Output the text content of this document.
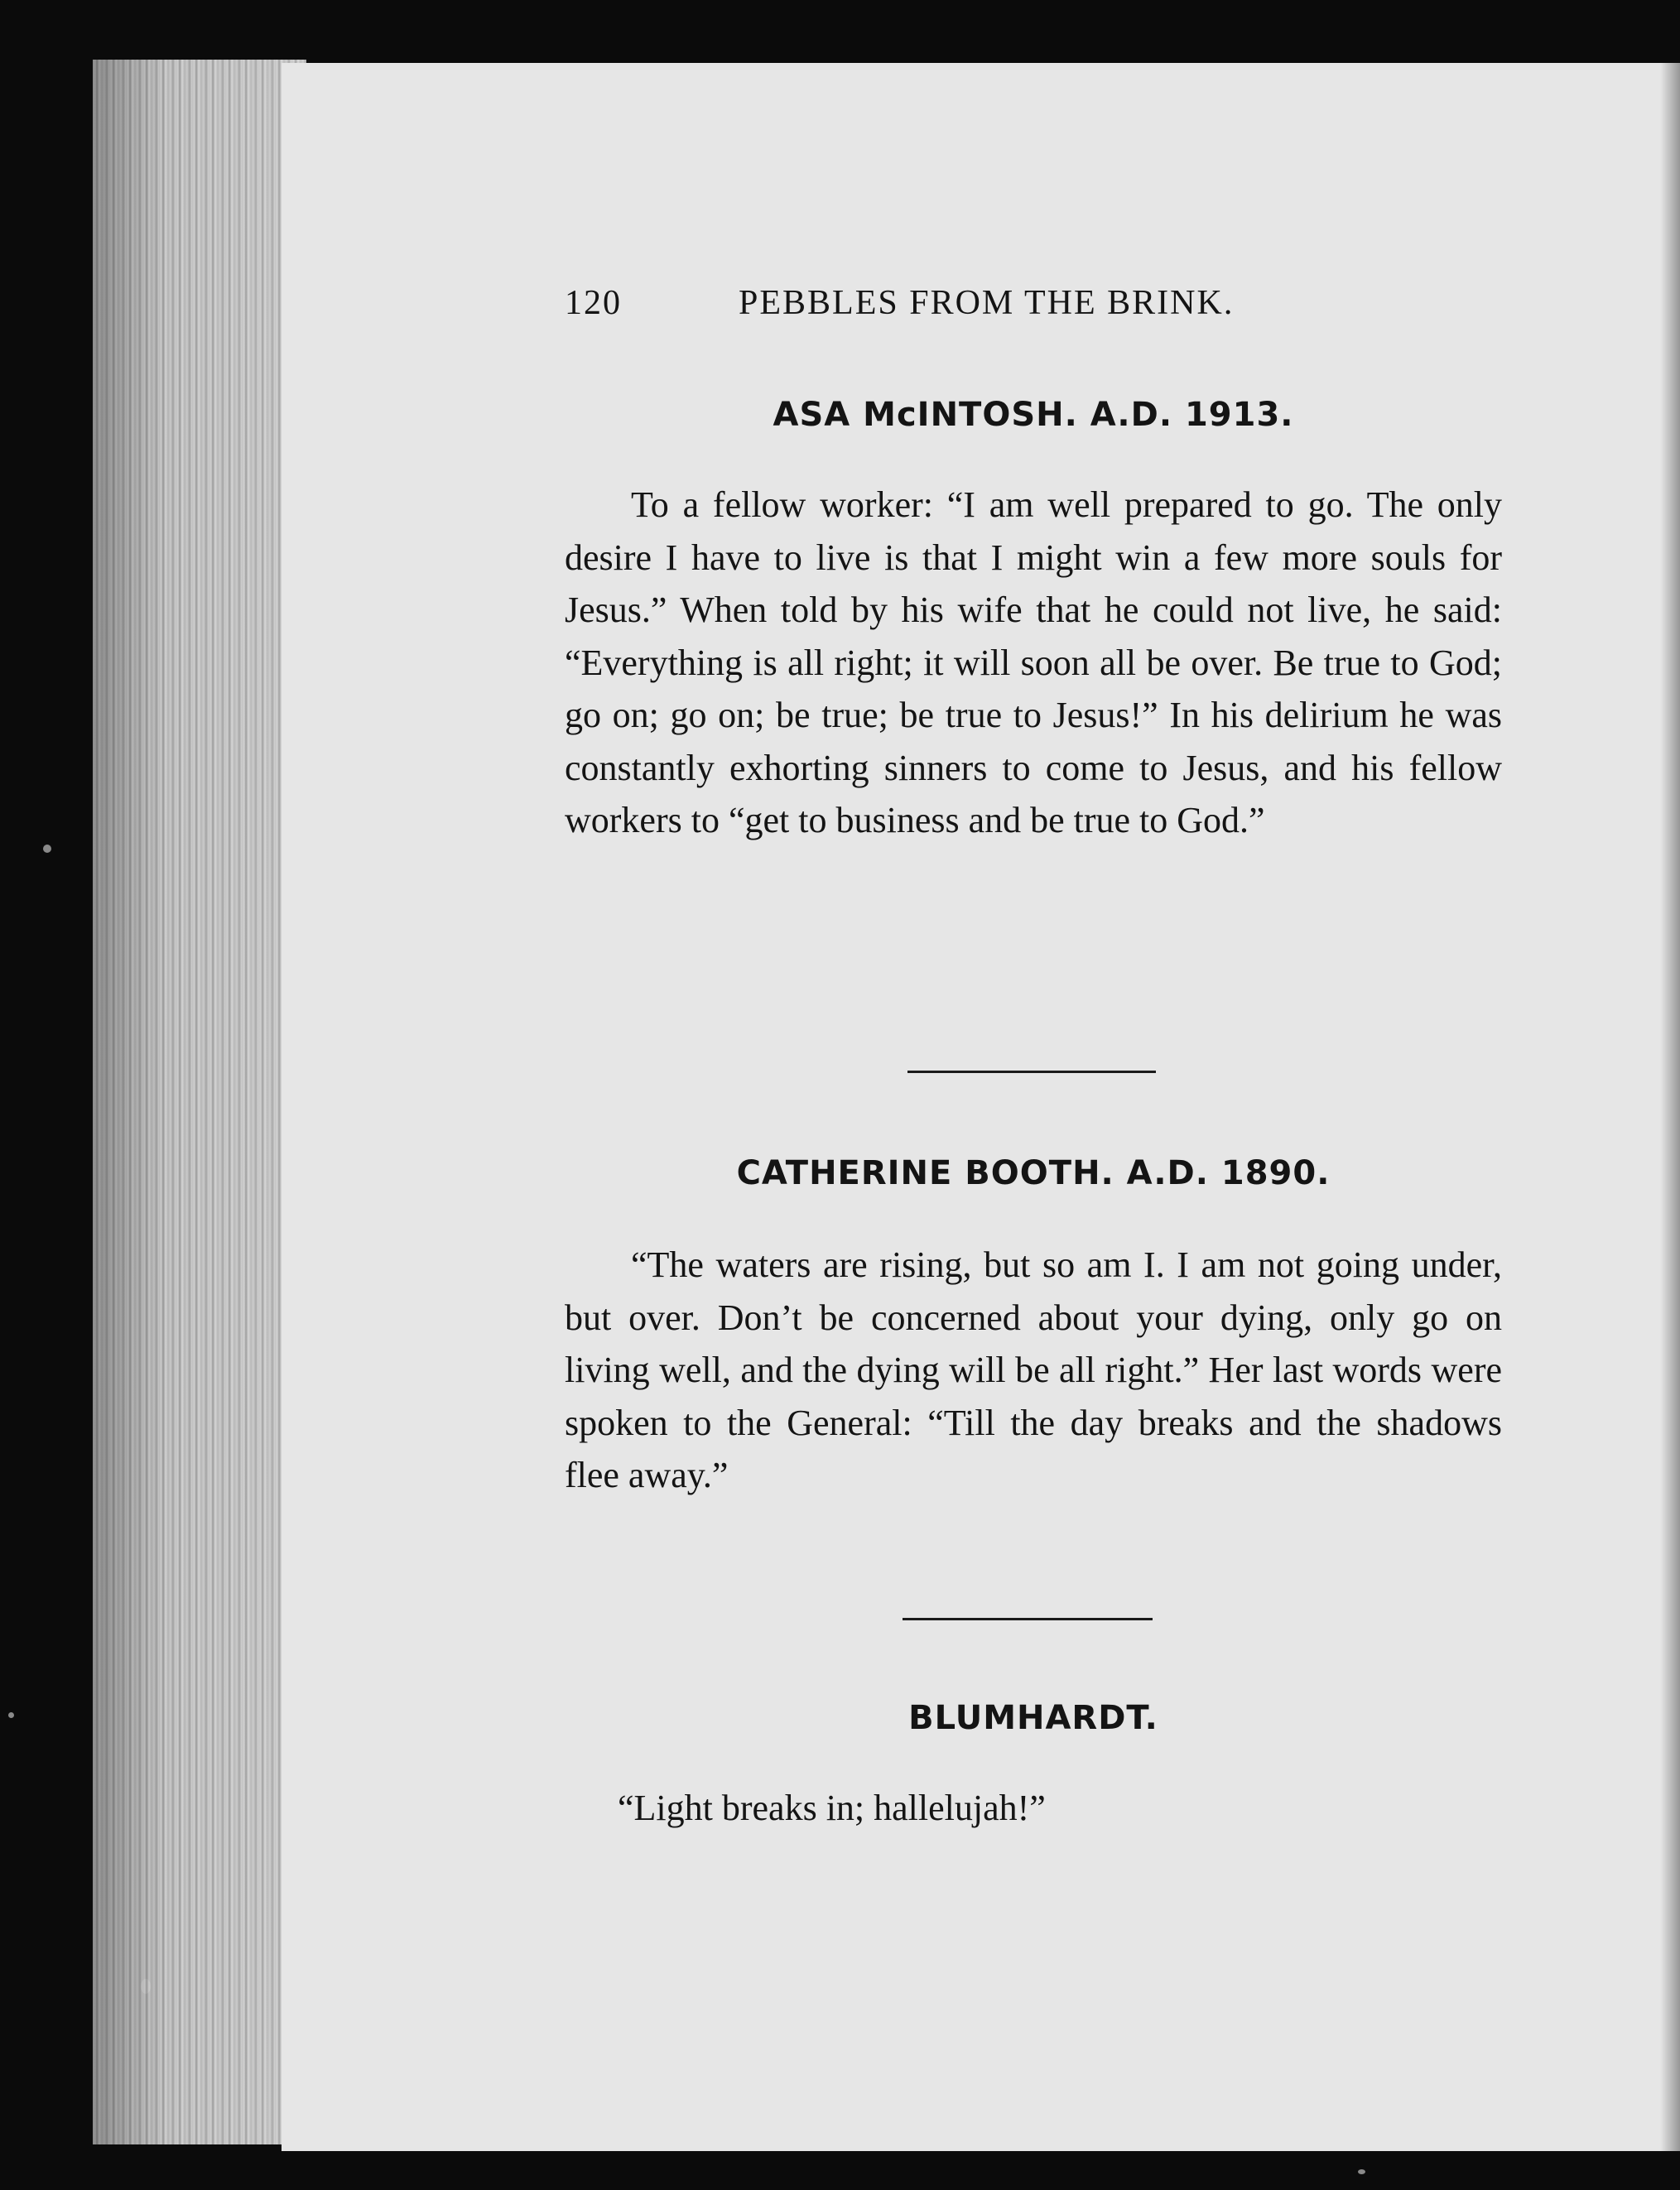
120	PEBBLES FROM THE BRINK.
ASA McINTOSH. A.D. 1913.
To a fellow worker: “I am well prepared to go. The only desire I have to live is that I might win a few more souls for Jesus.” When told by his wife that he could not live, he said: “Everything is all right; it will soon all be over. Be true to God; go on; go on; be true; be true to Jesus!” In his delirium he was constantly exhorting sinners to come to Jesus, and his fellow workers to “get to business and be true to God.”
CATHERINE BOOTH. A.D. 1890.
“The waters are rising, but so am I. I am not going under, but over. Don’t be concerned about your dying, only go on living well, and the dying will be all right.” Her last words were spoken to the General: “Till the day breaks and the shadows flee away.”
BLUMHARDT.
“Light breaks in; hallelujah!”
